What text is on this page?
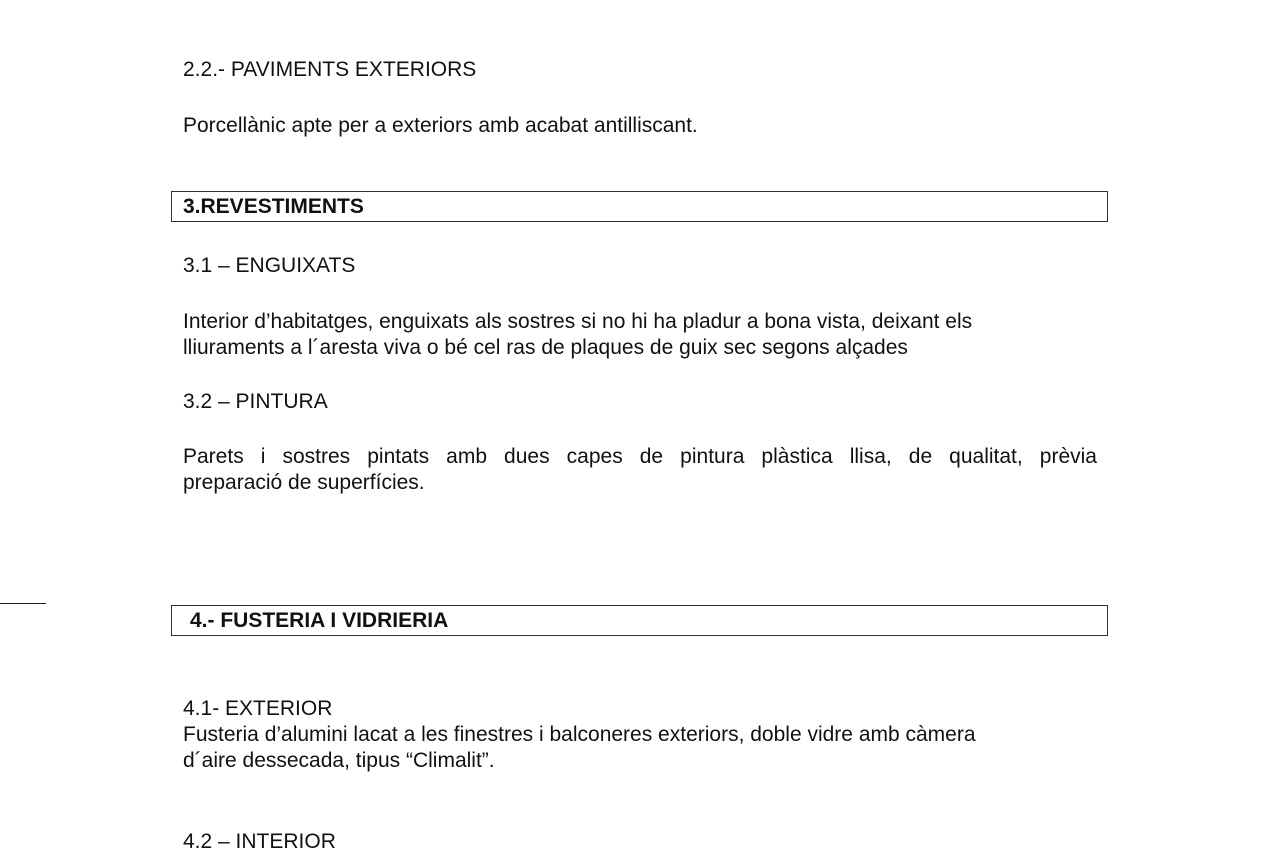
2.2.- PAVIMENTS EXTERIORS

Porcellànic apte per a exteriors amb acabat antilliscant.

3.REVESTIMENTS

3.1 – ENGUIXATS

Interior d’habitatges, enguixats als sostres si no hi ha pladur a bona vista, deixant els
lliuraments a l´aresta viva o bé cel ras de plaques de guix sec segons alçades

3.2 – PINTURA

Parets i sostres pintats amb dues capes de pintura plàstica llisa, de qualitat, prèvia
preparació de superfícies.
4.- FUSTERIA I VIDRIERIA

4.1- EXTERIOR

Fusteria d’alumini lacat a les finestres i balconeres exteriors, doble vidre amb càmera
d´aire dessecada, tipus “Climalit”.

4.2 – INTERIOR
